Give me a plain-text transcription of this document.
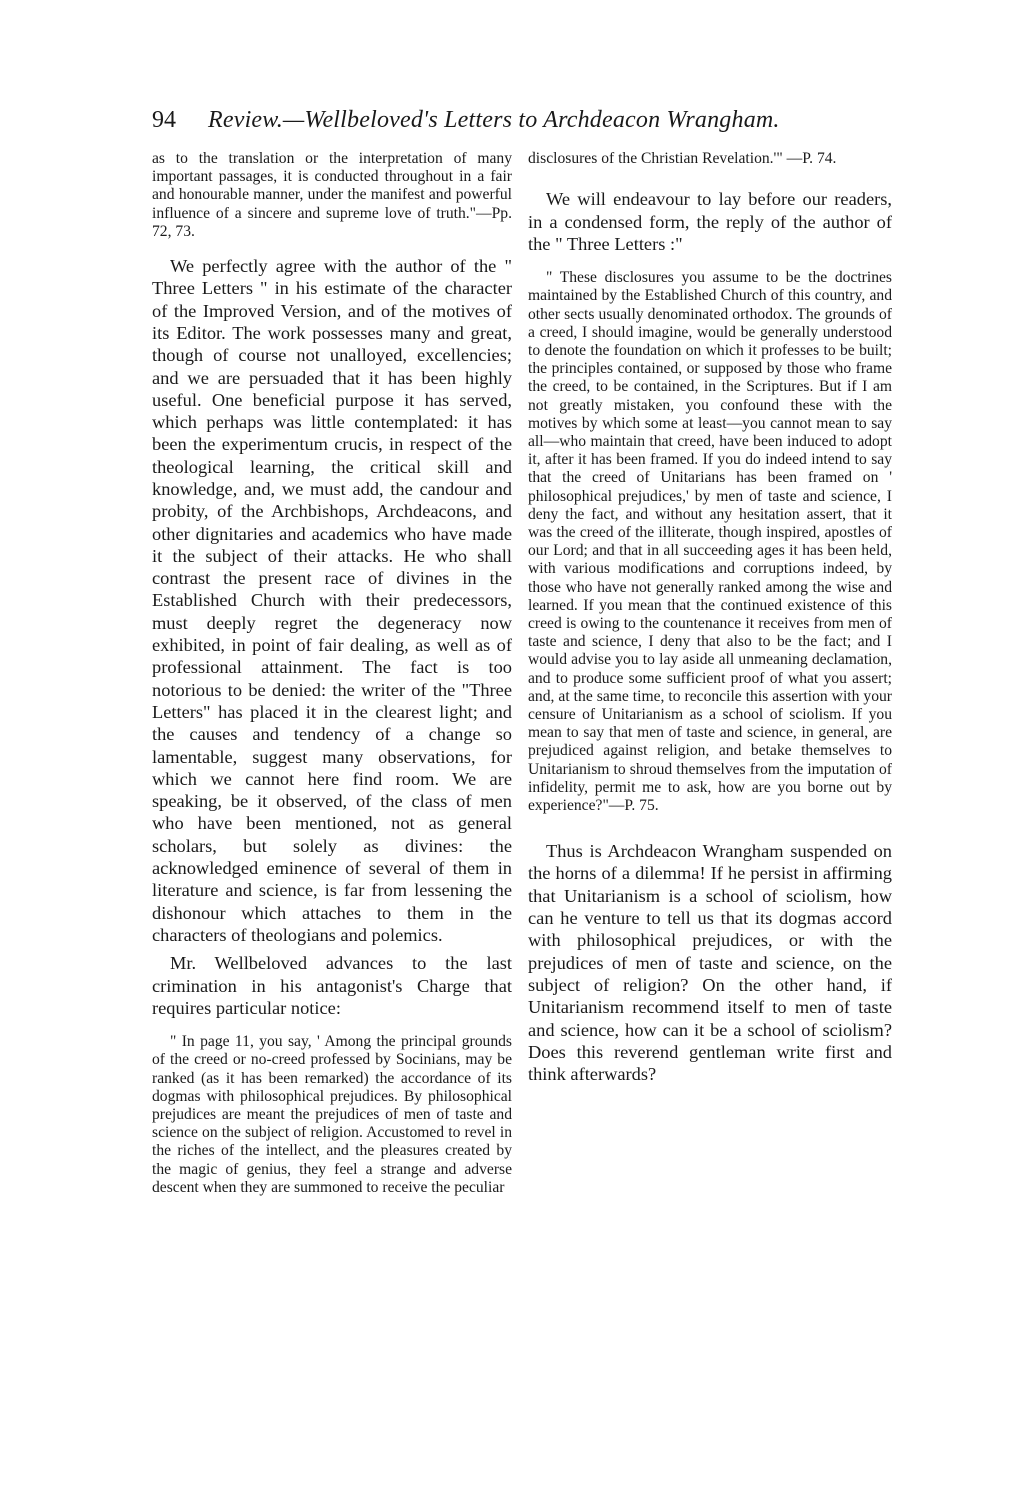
94 Review.—Wellbeloved's Letters to Archdeacon Wrangham.

as to the translation or the interpretation of many important passages, it is conducted throughout in a fair and honourable manner, under the manifest and powerful influence of a sincere and supreme love of truth."—Pp. 72, 73.

We perfectly agree with the author of the " Three Letters " in his estimate of the character of the Improved Version, and of the motives of its Editor. The work possesses many and great, though of course not unalloyed, excellencies; and we are persuaded that it has been highly useful. One beneficial purpose it has served, which perhaps was little contemplated: it has been the experimentum crucis, in respect of the theological learning, the critical skill and knowledge, and, we must add, the candour and probity, of the Archbishops, Archdeacons, and other dignitaries and academics who have made it the subject of their attacks. He who shall contrast the present race of divines in the Established Church with their predecessors, must deeply regret the degeneracy now exhibited, in point of fair dealing, as well as of professional attainment. The fact is too notorious to be denied: the writer of the "Three Letters" has placed it in the clearest light; and the causes and tendency of a change so lamentable, suggest many observations, for which we cannot here find room. We are speaking, be it observed, of the class of men who have been mentioned, not as general scholars, but solely as divines: the acknowledged eminence of several of them in literature and science, is far from lessening the dishonour which attaches to them in the characters of theologians and polemics.

Mr. Wellbeloved advances to the last crimination in his antagonist's Charge that requires particular notice:

" In page 11, you say, ' Among the principal grounds of the creed or no-creed professed by Socinians, may be ranked (as it has been remarked) the accordance of its dogmas with philosophical prejudices. By philosophical prejudices are meant the prejudices of men of taste and science on the subject of religion. Accustomed to revel in the riches of the intellect, and the pleasures created by the magic of genius, they feel a strange and adverse descent when they are summoned to receive the peculiar

disclosures of the Christian Revelation.'" —P. 74.

We will endeavour to lay before our readers, in a condensed form, the reply of the author of the " Three Letters :"

" These disclosures you assume to be the doctrines maintained by the Established Church of this country, and other sects usually denominated orthodox. The grounds of a creed, I should imagine, would be generally understood to denote the foundation on which it professes to be built; the principles contained, or supposed by those who frame the creed, to be contained, in the Scriptures. But if I am not greatly mistaken, you confound these with the motives by which some at least—you cannot mean to say all—who maintain that creed, have been induced to adopt it, after it has been framed. If you do indeed intend to say that the creed of Unitarians has been framed on ' philosophical prejudices,' by men of taste and science, I deny the fact, and without any hesitation assert, that it was the creed of the illiterate, though inspired, apostles of our Lord; and that in all succeeding ages it has been held, with various modifications and corruptions indeed, by those who have not generally ranked among the wise and learned. If you mean that the continued existence of this creed is owing to the countenance it receives from men of taste and science, I deny that also to be the fact; and I would advise you to lay aside all unmeaning declamation, and to produce some sufficient proof of what you assert; and, at the same time, to reconcile this assertion with your censure of Unitarianism as a school of sciolism. If you mean to say that men of taste and science, in general, are prejudiced against religion, and betake themselves to Unitarianism to shroud themselves from the imputation of infidelity, permit me to ask, how are you borne out by experience?"—P. 75.

Thus is Archdeacon Wrangham suspended on the horns of a dilemma! If he persist in affirming that Unitarianism is a school of sciolism, how can he venture to tell us that its dogmas accord with philosophical prejudices, or with the prejudices of men of taste and science, on the subject of religion? On the other hand, if Unitarianism recommend itself to men of taste and science, how can it be a school of sciolism? Does this reverend gentleman write first and think afterwards?
